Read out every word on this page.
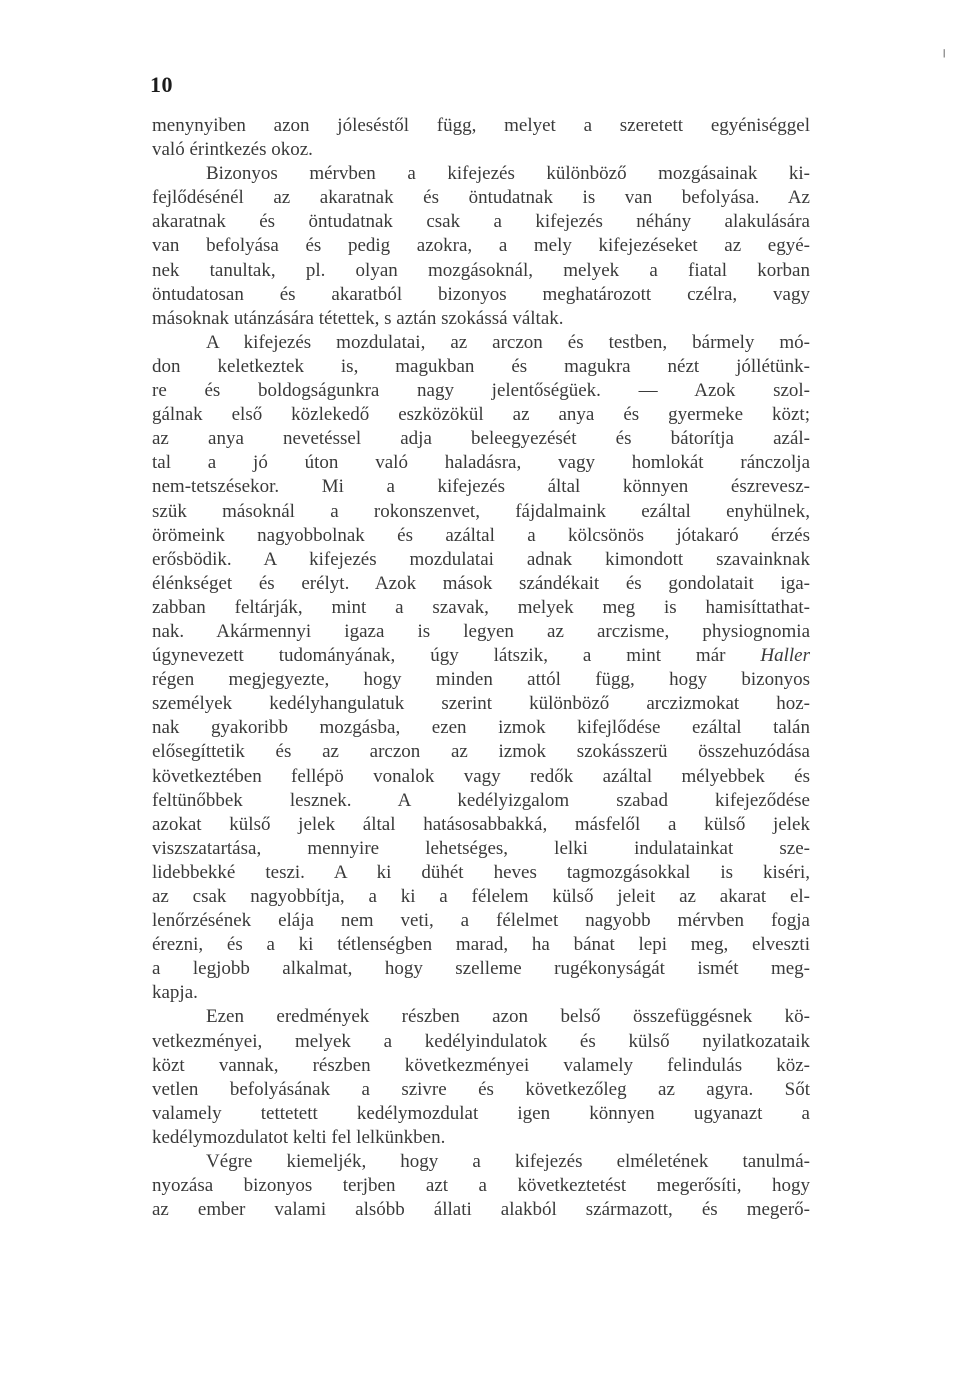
10
menynyiben azon jóleséstől függ, melyet a szeretett egyéniséggel
való érintkezés okoz.
Bizonyos mérvben a kifejezés különböző mozgásainak ki-
fejlődésénél az akaratnak és öntudatnak is van befolyása. Az
akaratnak és öntudatnak csak a kifejezés néhány alakulására
van befolyása és pedig azokra, a mely kifejezéseket az egyé-
nek tanultak, pl. olyan mozgásoknál, melyek a fiatal korban
öntudatosan és akaratból bizonyos meghatározott czélra, vagy
másoknak utánzására tétettek, s aztán szokássá váltak.
A kifejezés mozdulatai, az arczon és testben, bármely mó-
don keletkeztek is, magukban és magukra nézt jóllétünk-
re és boldogságunkra nagy jelentőségüek. — Azok szol-
gálnak első közlekedő eszközökül az anya és gyermeke közt;
az anya nevetéssel adja beleegyezését és bátorítja azál-
tal a jó úton való haladásra, vagy homlokát ránczolja
nem-tetszésekor. Mi a kifejezés által könnyen észrevesz-
szük másoknál a rokonszenvet, fájdalmaink ezáltal enyhülnek,
örömeink nagyobbolnak és azáltal a kölcsönös jótakaró érzés
erősbödik. A kifejezés mozdulatai adnak kimondott szavainknak
élénkséget és erélyt. Azok mások szándékait és gondolatait iga-
zabban feltárják, mint a szavak, melyek meg is hamisíttathat-
nak. Akármennyi igaza is legyen az arczisme, physiognomia
úgynevezett tudományának, úgy látszik, a mint már Haller
régen megjegyezte, hogy minden attól függ, hogy bizonyos
személyek kedélyhangulatuk szerint különböző arczizmokat hoz-
nak gyakoribb mozgásba, ezen izmok kifejlődése ezáltal talán
elősegíttetik és az arczon az izmok szokásszerü összehuzódása
következtében fellépö vonalok vagy redők azáltal mélyebbek és
feltünőbbek lesznek. A kedélyizgalom szabad kifejeződése
azokat külső jelek által hatásosabbakká, másfelől a külső jelek
viszszatartása, mennyire lehetséges, lelki indulatainkat sze-
lidebbekké teszi. A ki dühét heves tagmozgásokkal is kiséri,
az csak nagyobbítja, a ki a félelem külső jeleit az akarat el-
lenőrzésének elája nem veti, a félelmet nagyobb mérvben fogja
érezni, és a ki tétlenségben marad, ha bánat lepi meg, elveszti
a legjobb alkalmat, hogy szelleme rugékonyságát ismét meg-
kapja.
Ezen eredmények részben azon belső összefüggésnek kö-
vetkezményei, melyek a kedélyindulatok és külső nyilatkozataik
közt vannak, részben következményei valamely felindulás köz-
vetlen befolyásának a szivre és következőleg az agyra. Sőt
valamely tettetett kedélymozdulat igen könnyen ugyanazt a
kedélymozdulatot kelti fel lelkünkben.
Végre kiemeljék, hogy a kifejezés elméletének tanulmá-
nyozása bizonyos terjben azt a következtetést megerősíti, hogy
az ember valami alsóbb állati alakból származott, és megerő-
╷
